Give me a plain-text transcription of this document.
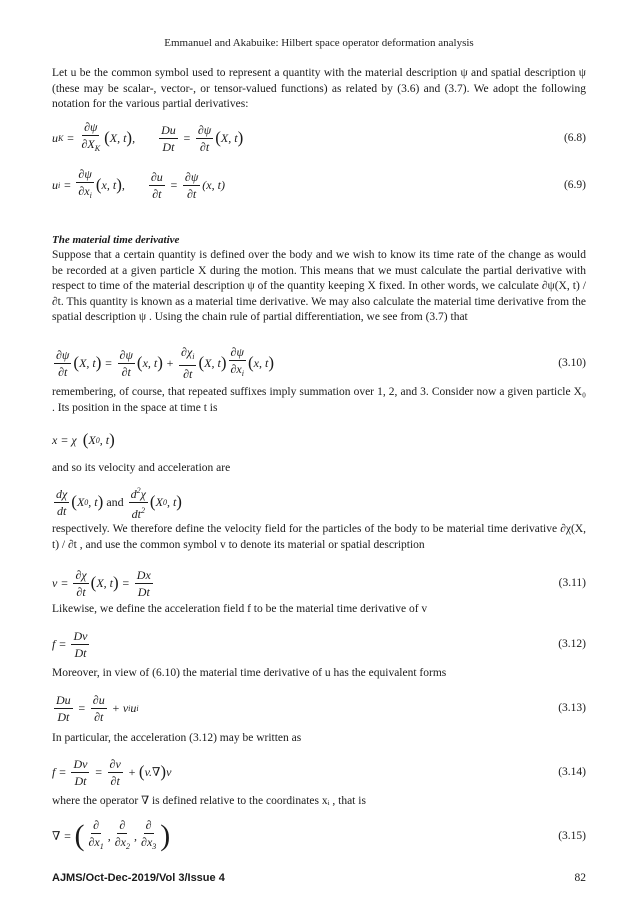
Emmanuel and Akabuike: Hilbert space operator deformation analysis
Let u be the common symbol used to represent a quantity with the material description ψ and spatial description ψ (these may be scalar-, vector-, or tensor-valued functions) as related by (3.6) and (3.7). We adopt the following notation for the various partial derivatives:
u $K = \frac{\partial\psi}{\partial X_K}$ ( X, t ) , $\frac{Du}{Dt} = \frac{\partial\psi}{\partial t}$ ( X, t )	(6.8)
u $i = \frac{\partial\psi}{\partial x_i}$ ( x, t ) , $\frac{\partial u}{\partial t} = \frac{\partial\psi}{\partial t} (x$, t)	(6.9)
The material time derivative
Suppose that a certain quantity is defined over the body and we wish to know its time rate of the change as would be recorded at a given particle X during the motion. This means that we must calculate the partial derivative with respect to time of the material description ψ of the quantity keeping X fixed. In other words, we calculate ∂ψ(X, t) / ∂t. This quantity is known as a material time derivative. We may also calculate the material time derivative from the spatial description ψ . Using the chain rule of partial differentiation, we see from (3.7) that
$\frac{\partial\psi}{\partial t}$ ( X, t ) = $\frac{\partial\psi}{\partial t}$ ( x, t ) + $\frac{\partial\chi_i}{\partial t}$ ( X, t ) $\frac{\partial\psi}{\partial x_i}$ ( x, t )	(3.10)
remembering, of course, that repeated suffixes imply summation over 1, 2, and 3. Consider now a given particle X₀ . Its position in the space at time t is
x = χ ( X 0 , t )
and so its velocity and acceleration are
$\frac{d\chi}{dt}$ ( X 0 , t )
and
$\frac{d^2\chi}{dt^2}$ ( X 0 , t )
respectively. We therefore define the velocity field for the particles of the body to be material time derivative ∂χ(X, t) / ∂t , and use the common symbol v to denote its material or spatial description
$v = \frac{\partial\chi}{\partial t}$ ( X, t ) = $\frac{Dx}{Dt}$	(3.11)
Likewise, we define the acceleration field f to be the material time derivative of v
$f = \frac{Dv}{Dt}$	(3.12)
Moreover, in view of (6.10) the material time derivative of u has the equivalent forms
$\frac{Du}{Dt} = \frac{\partial u}{\partial t} + v$ i u i	(3.13)
In particular, the acceleration (3.12) may be written as
$f = \frac{Dv}{Dt} = \frac{\partial v}{\partial t}$ + ( v.∇ ) v	(3.14)
where the operator ∇ is defined relative to the coordinates xᵢ , that is
∇ = ( $\frac{\partial}{\partial x_1}$ , $\frac{\partial}{\partial x_2}$ , $\frac{\partial}{\partial x_3}$ )	(3.15)
AJMS/Oct-Dec-2019/Vol 3/Issue 4	82
